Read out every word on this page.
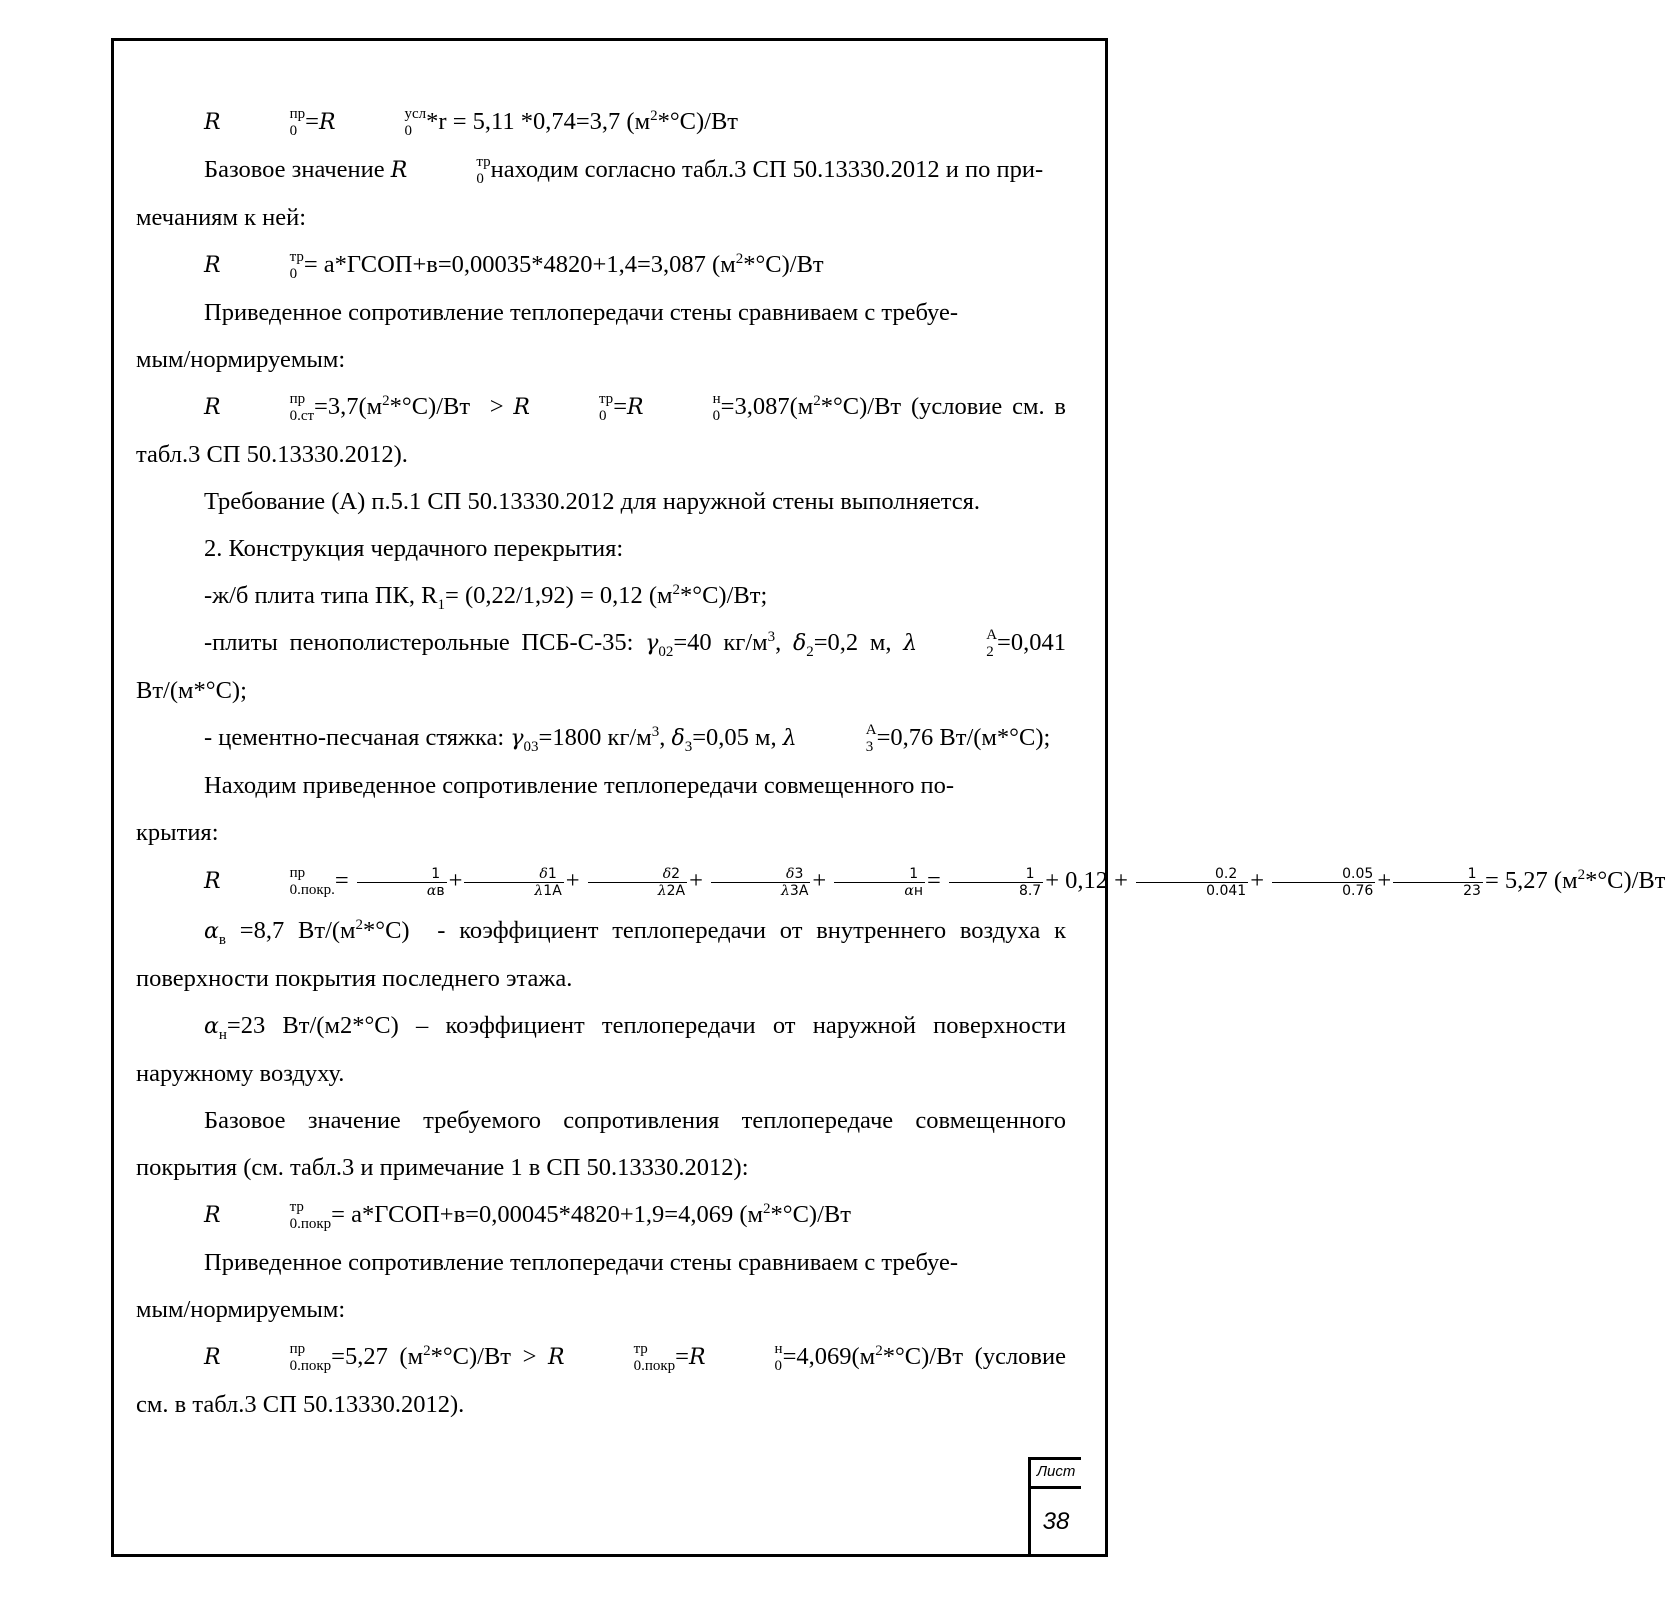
R	пр
0 =R	усл
0 *r = 5,11 *0,74=3,7 $(м^2*^\circ С)/Вт$

Базовое значение R	тр
0 находим согласно табл.3 СП 50.13330.2012 и по при-
мечаниям к ней:

R	тр
0 = а*ГСОП+в=0,00035*4820+1,4=3,087 $(м^2*^\circ С)/Вт$

Приведенное сопротивление теплопередачи стены сравниваем с требуе-
мым/нормируемым:

R	пр
$0.ст =3,7(м^2*^\circ С)/Вт > R$	тр
0 =R	н
$0 =3,087(м^2*^\circ С)/Вт$ (условие см. в табл.3 СП 50.13330.2012).

Требование (А) п.5.1 СП 50.13330.2012 для наружной стены выполняется.

2. Конструкция чердачного перекрытия:

-ж/б плита типа ПК, $R_1= (0,22/1,92) = 0,12$ $(м^2*^\circ С)/Вт$;

-плиты пенополистерольные ПСБ-С-35: $\gamma_{02}=40$ $кг/м^3$, $\delta_2=0,2$ м, λ	А
2 =0,041 Вт/(м*°С);

- цементно-песчаная стяжка: $\gamma_{03}=1800$ $кг/м^3$, $\delta_3=0,05$ м, λ	А
3 =0,76 Вт/(м*°С);

Находим приведенное сопротивление теплопередачи совмещенного по-
крытия:

R	пр
0.покр. = $\frac{1}{\alpha в} + \frac{\delta 1}{\lambda 1А} + \frac{\delta 2}{\lambda 2А} + \frac{\delta 3}{\lambda 3А} + \frac{1}{\alpha н} = \frac{1}{8.7} + 0,12 + \frac{0.2}{0.041} + \frac{0.05}{0.76} + \frac{1}{23} = 5,27$ $(м^2*^\circ С)/Вт$

$\alpha_в =8,7$ $Вт/(м^2*^\circ С)$  - коэффициент теплопередачи от внутреннего воздуха к поверхности покрытия последнего этажа.

$\alpha_н=23$ Вт/(м2*°С) – коэффициент теплопередачи от наружной поверхности наружному воздуху.

Базовое значение требуемого сопротивления теплопередаче совмещенного покрытия (см. табл.3 и примечание 1 в СП 50.13330.2012):

R	тр
0.покр = а*ГСОП+в=0,00045*4820+1,9=4,069 $(м^2*^\circ С)/Вт$

Приведенное сопротивление теплопередачи стены сравниваем с требуе-
мым/нормируемым:

R	пр
0.покр =5,27 $(м^2*^\circ С)/Вт > R$	тр
0.покр =R	н
$0 =4,069(м^2*^\circ С)/Вт$ (условие см. в табл.3 СП 50.13330.2012).

Лист
38
